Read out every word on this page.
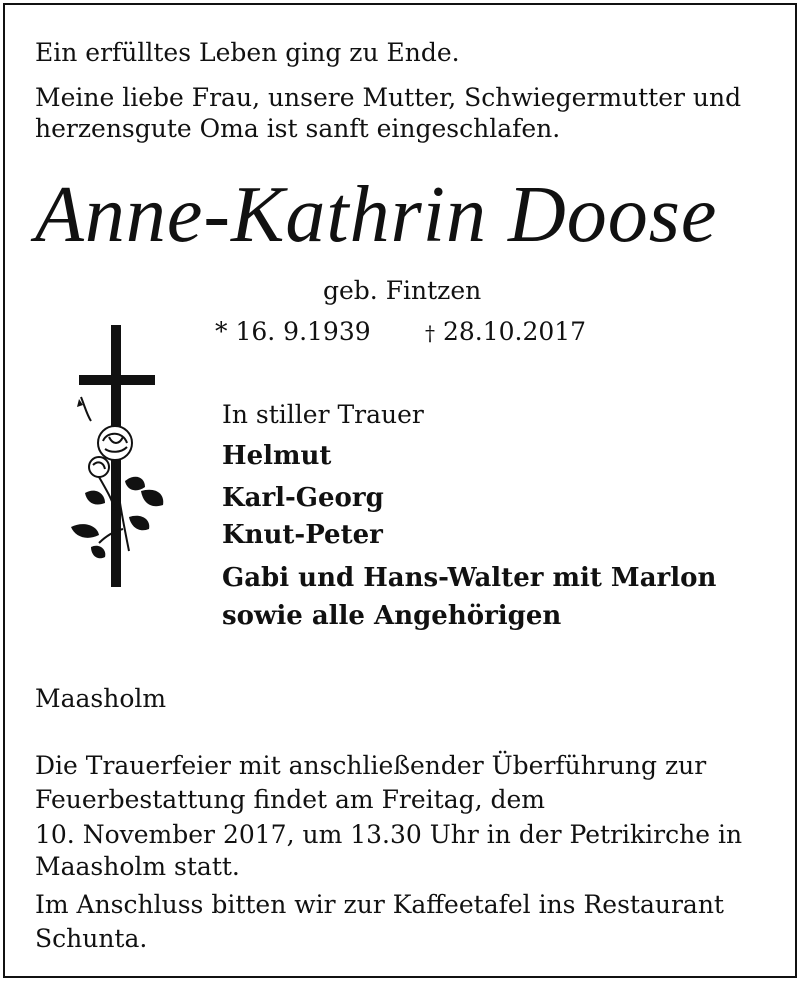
Ein erfülltes Leben ging zu Ende.
Meine liebe Frau, unsere Mutter, Schwiegermutter und
herzensgute Oma ist sanft eingeschlafen.
Anne-Kathrin Doose
geb. Fintzen
* 16. 9.1939	† 28.10.2017
In stiller Trauer
Helmut
Karl-Georg
Knut-Peter
Gabi und Hans-Walter mit Marlon
sowie alle Angehörigen
Maasholm
Die Trauerfeier mit anschließender Überführung zur
Feuerbestattung findet am Freitag, dem
10. November 2017, um 13.30 Uhr in der Petrikirche in
Maasholm statt.
Im Anschluss bitten wir zur Kaffeetafel ins Restaurant
Schunta.
